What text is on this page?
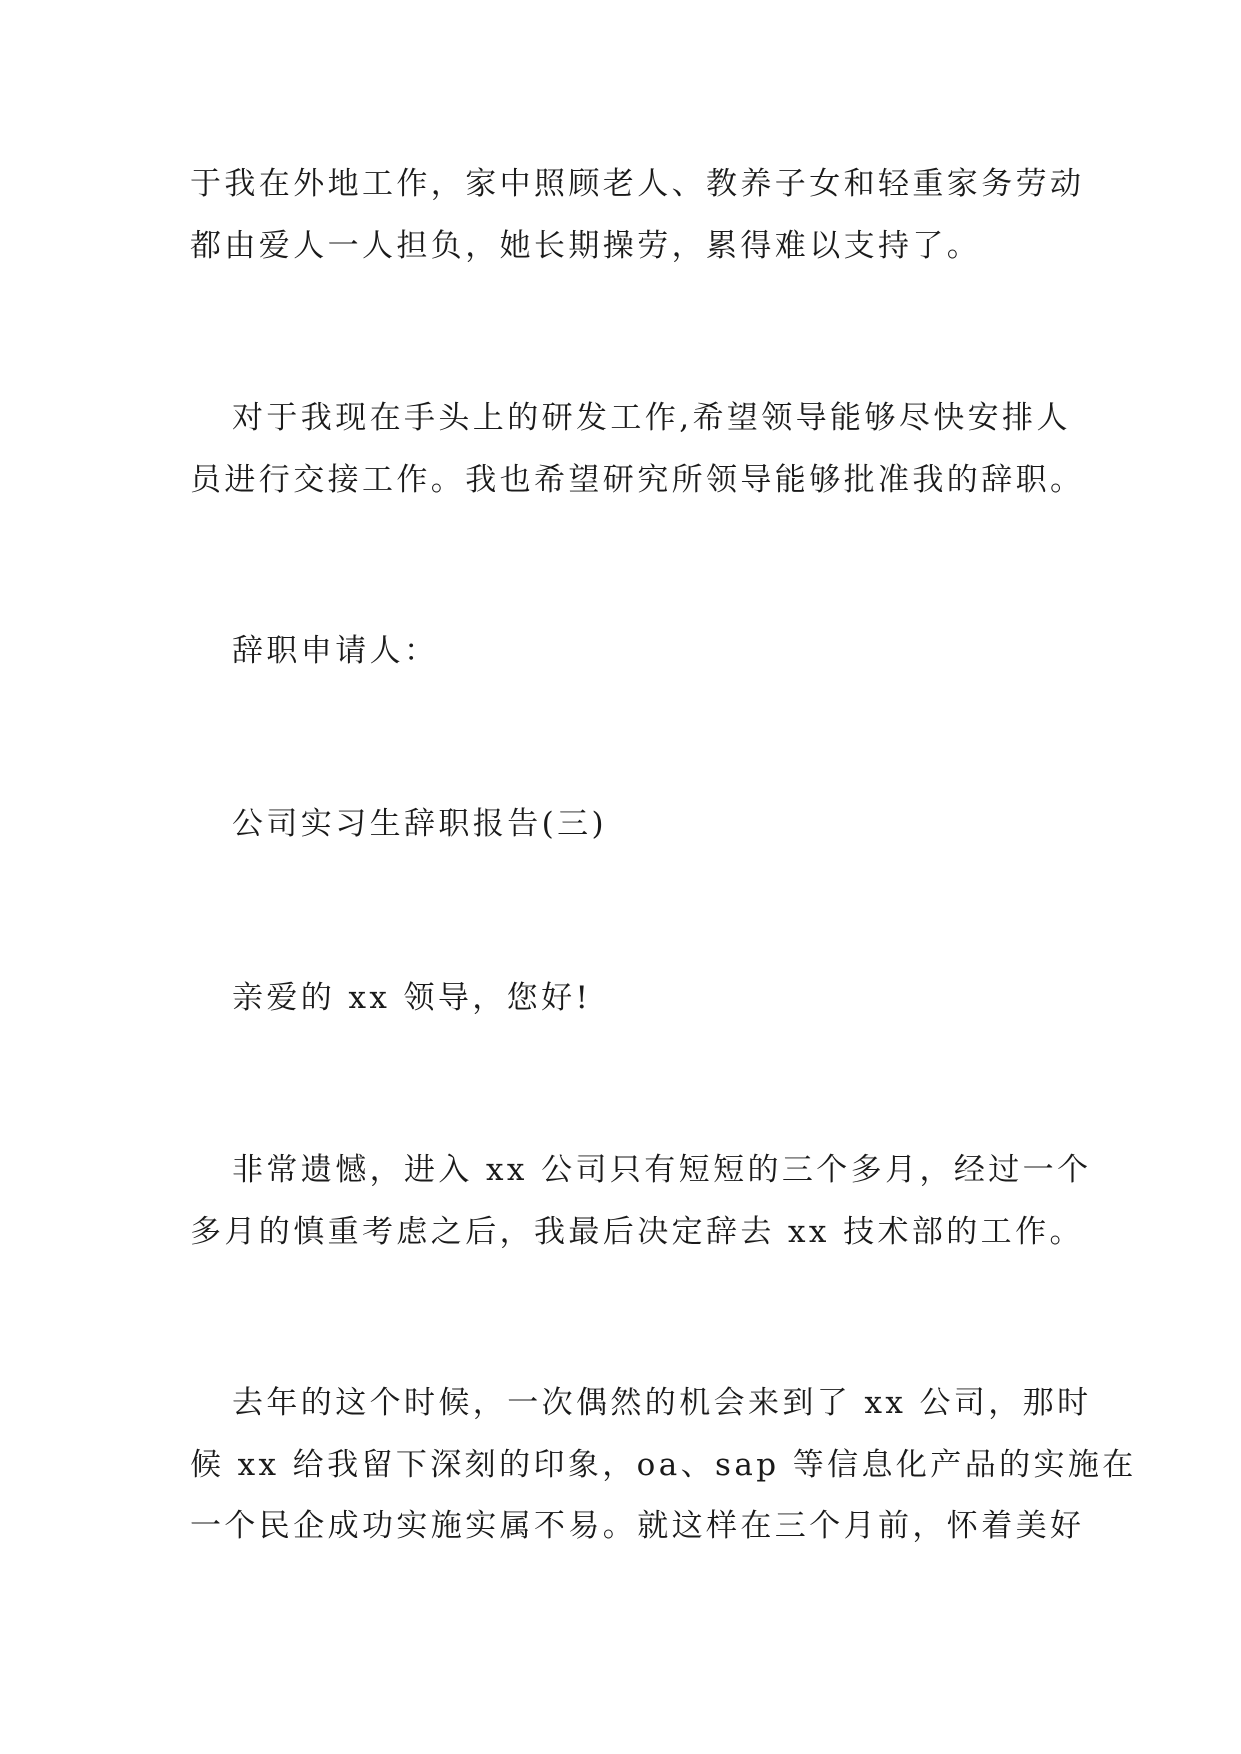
于我在外地工作，家中照顾老人、教养子女和轻重家务劳动
都由爱人一人担负，她长期操劳，累得难以支持了。
对于我现在手头上的研发工作,希望领导能够尽快安排人
员进行交接工作。我也希望研究所领导能够批准我的辞职。
辞职申请人：
公司实习生辞职报告(三)
亲爱的 xx 领导，您好!
非常遗憾，进入 xx 公司只有短短的三个多月，经过一个
多月的慎重考虑之后，我最后决定辞去 xx 技术部的工作。
去年的这个时候，一次偶然的机会来到了 xx 公司，那时
候 xx 给我留下深刻的印象，oa、sap 等信息化产品的实施在
一个民企成功实施实属不易。就这样在三个月前，怀着美好
